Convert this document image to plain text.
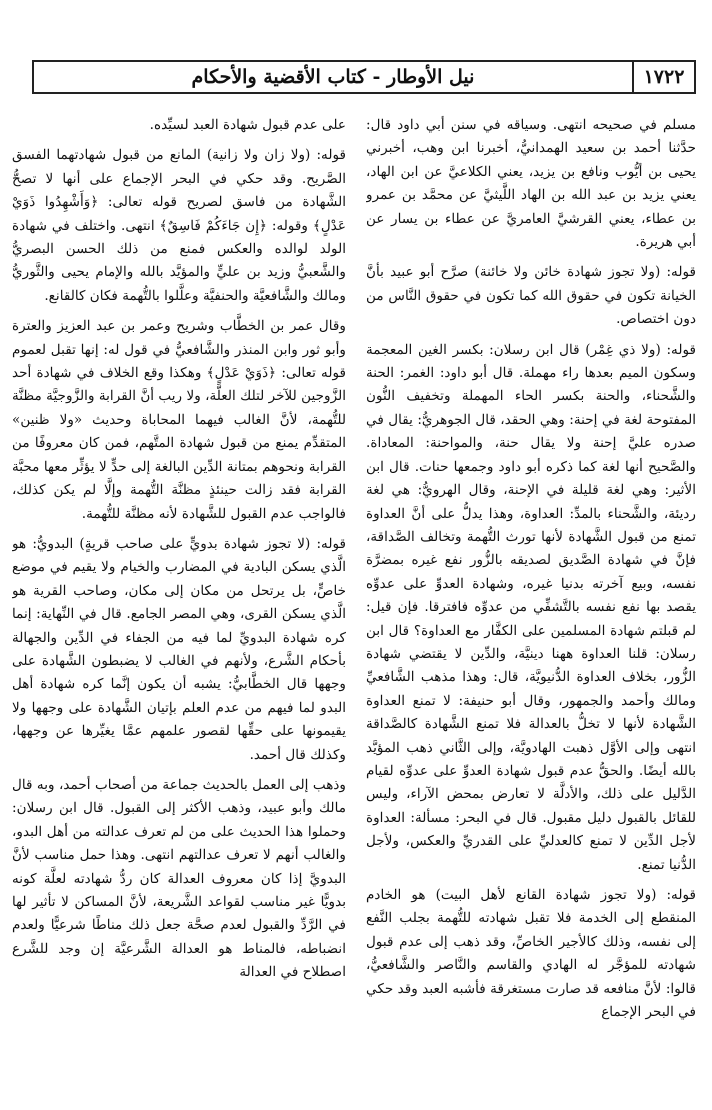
١٧٢٢
نيل الأوطار - كتاب الأقضية والأحكام

مسلم في صحيحه انتهى. وسياقه في سنن أبي داود قال: حدَّثنا أحمد بن سعيد الهمدانيُّ، أخبرنا ابن وهب، أخبرني يحيى بن أيُّوب ونافع بن يزيد، يعني الكلاعيَّ عن ابن الهاد، يعني يزيد بن عبد الله بن الهاد اللَّيثيَّ عن محمَّد بن عمرو بن عطاء، يعني القرشيَّ العامريَّ عن عطاء بن يسار عن أبي هريرة.

قوله: (ولا تجوز شهادة خائن ولا خائنة) صرَّح أبو عبيد بأنَّ الخيانة تكون في حقوق الله كما تكون في حقوق النَّاس من دون اختصاص.

قوله: (ولا ذي غِمْر) قال ابن رسلان: بكسر الغين المعجمة وسكون الميم بعدها راء مهملة. قال أبو داود: الغمر: الحنة والشَّحناء، والحنة بكسر الحاء المهملة وتخفيف النُّون المفتوحة لغة في إحنة: وهي الحقد، قال الجوهريُّ: يقال في صدره عليَّ إحنة ولا يقال حنة، والمواحنة: المعاداة. والصَّحيح أنها لغة كما ذكره أبو داود وجمعها حنات. قال ابن الأثير: وهي لغة قليلة في الإحنة، وقال الهرويُّ: هي لغة رديئة، والشَّحناء بالمدِّ: العداوة، وهذا يدلُّ على أنَّ العداوة تمنع من قبول الشَّهادة لأنها تورث التُّهمة وتخالف الصَّداقة، فإنَّ في شهادة الصَّديق لصديقه بالزُّور نفع غيره بمضرَّة نفسه، وبيع آخرته بدنيا غيره، وشهادة العدوِّ على عدوِّه يقصد بها نفع نفسه بالتَّشفِّي من عدوِّه فافترقا. فإن قيل: لم قبلتم شهادة المسلمين على الكفَّار مع العداوة؟ قال ابن رسلان: قلنا العداوة ههنا دينيَّة، والدِّين لا يقتضي شهادة الزُّور، بخلاف العداوة الدُّنيويَّة، قال: وهذا مذهب الشَّافعيِّ ومالك وأحمد والجمهور، وقال أبو حنيفة: لا تمنع العداوة الشَّهادة لأنها لا تخلُّ بالعدالة فلا تمنع الشَّهادة كالصَّداقة انتهى وإلى الأوَّل ذهبت الهادويَّة، وإلى الثَّاني ذهب المؤيَّد بالله أيضًا. والحقُّ عدم قبول شهادة العدوِّ على عدوِّه لقيام الدَّليل على ذلك، والأدلَّة لا تعارض بمحض الآراء، وليس للقائل بالقبول دليل مقبول. قال في البحر: مسألة: العداوة لأجل الدِّين لا تمنع كالعدليِّ على القدريِّ والعكس، ولأجل الدُّنيا تمنع.

قوله: (ولا تجوز شهادة القانع لأهل البيت) هو الخادم المنقطع إلى الخدمة فلا تقبل شهادته للتُّهمة بجلب النَّفع إلى نفسه، وذلك كالأجير الخاصِّ، وقد ذهب إلى عدم قبول شهادته للمؤجَّر له الهادي والقاسم والنَّاصر والشَّافعيُّ، قالوا: لأنَّ منافعه قد صارت مستغرقة فأشبه العبد وقد حكي في البحر الإجماع

على عدم قبول شهادة العبد لسيِّده.

قوله: (ولا زان ولا زانية) المانع من قبول شهادتهما الفسق الصَّريح. وقد حكي في البحر الإجماع على أنها لا تصحُّ الشَّهادة من فاسق لصريح قوله تعالى: ﴿وَأَشْهِدُوا ذَوَيْ عَدْلٍ﴾ وقوله: ﴿إِن جَاءَكُمْ فَاسِقٌ﴾ انتهى. واختلف في شهادة الولد لوالده والعكس فمنع من ذلك الحسن البصريُّ والشَّعبيُّ وزيد بن عليٍّ والمؤيَّد بالله والإمام يحيى والثَّوريُّ ومالك والشَّافعيَّة والحنفيَّة وعلَّلوا بالتُّهمة فكان كالقانع.

وقال عمر بن الخطَّاب وشريح وعمر بن عبد العزيز والعترة وأبو ثور وابن المنذر والشَّافعيُّ في قول له: إنها تقبل لعموم قوله تعالى: ﴿ذَوَيْ عَدْلٍ﴾ وهكذا وقع الخلاف في شهادة أحد الزَّوجين للآخر لتلك العلَّة، ولا ريب أنَّ القرابة والزَّوجيَّة مظنَّة للتُّهمة، لأنَّ الغالب فيهما المحاباة وحديث «ولا ظنين» المتقدِّم يمنع من قبول شهادة المتَّهم، فمن كان معروفًا من القرابة ونحوهم بمتانة الدِّين البالغة إلى حدٍّ لا يؤثِّر معها محبَّة القرابة فقد زالت حينئذٍ مظنَّة التُّهمة وإلَّا لم يكن كذلك، فالواجب عدم القبول للشَّهادة لأنه مظنَّة للتُّهمة.

قوله: (لا تجوز شهادة بدويٍّ على صاحب قريةٍ) البدويُّ: هو الَّذي يسكن البادية في المضارب والخيام ولا يقيم في موضع خاصٍّ، بل يرتحل من مكان إلى مكان، وصاحب القرية هو الَّذي يسكن القرى، وهي المصر الجامع. قال في النِّهاية: إنما كره شهادة البدويِّ لما فيه من الجفاء في الدِّين والجهالة بأحكام الشَّرع، ولأنهم في الغالب لا يضبطون الشَّهادة على وجهها قال الخطَّابيُّ: يشبه أن يكون إنَّما كره شهادة أهل البدو لما فيهم من عدم العلم بإتيان الشَّهادة على وجهها ولا يقيمونها على حقِّها لقصور علمهم عمَّا يغيِّرها عن وجهها، وكذلك قال أحمد.

وذهب إلى العمل بالحديث جماعة من أصحاب أحمد، وبه قال مالك وأبو عبيد، وذهب الأكثر إلى القبول. قال ابن رسلان: وحملوا هذا الحديث على من لم تعرف عدالته من أهل البدو، والغالب أنهم لا تعرف عدالتهم انتهى. وهذا حمل مناسب لأنَّ البدويَّ إذا كان معروف العدالة كان ردُّ شهادته لعلَّة كونه بدويًّا غير مناسب لقواعد الشَّريعة، لأنَّ المساكن لا تأثير لها في الرَّدِّ والقبول لعدم صحَّة جعل ذلك مناطًا شرعيًّا ولعدم انضباطه، فالمناط هو العدالة الشَّرعيَّة إن وجد للشَّرع اصطلاح في العدالة
